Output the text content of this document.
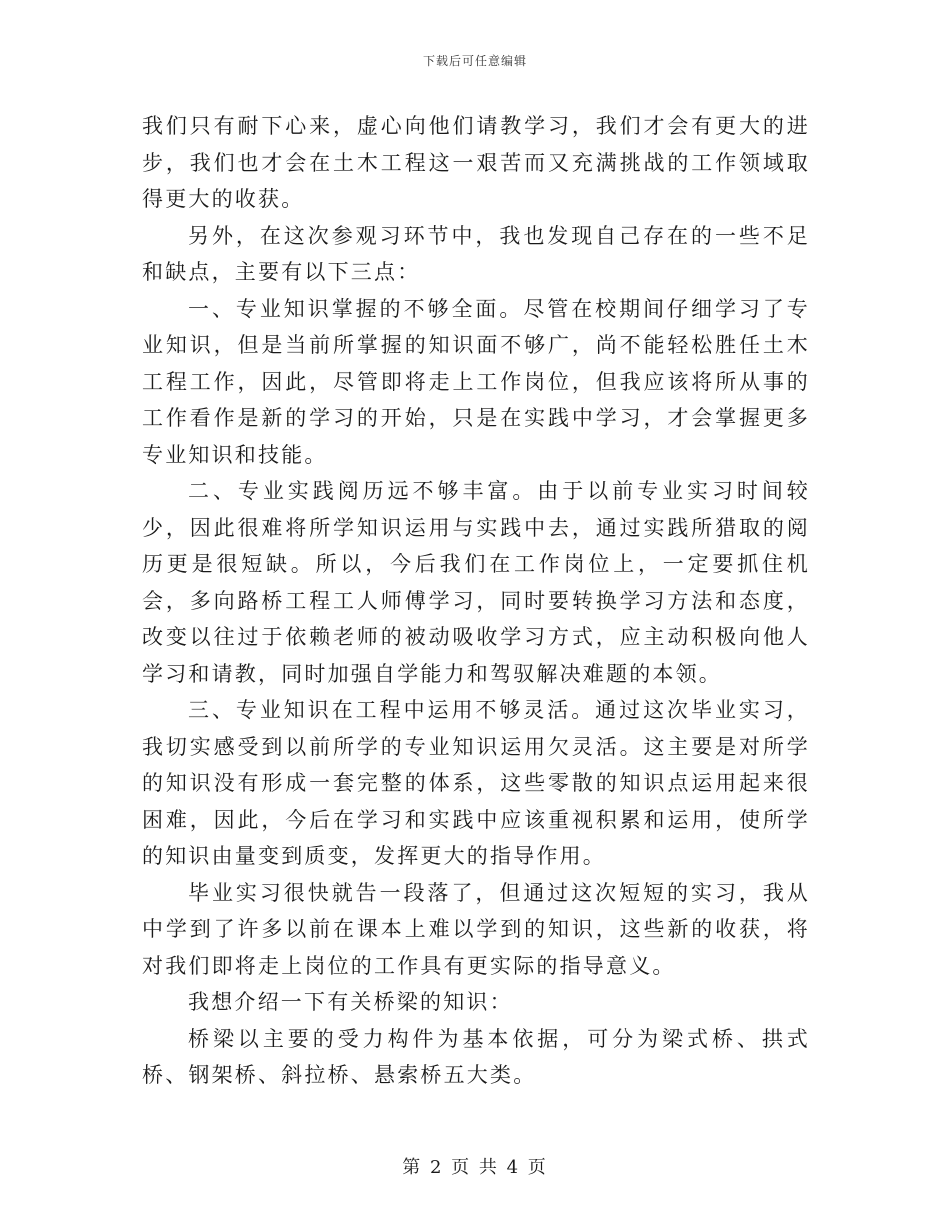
下载后可任意编辑

我们只有耐下心来，虚心向他们请教学习，我们才会有更大的进步，我们也才会在土木工程这一艰苦而又充满挑战的工作领域取得更大的收获。

另外，在这次参观习环节中，我也发现自己存在的一些不足和缺点，主要有以下三点：

一、专业知识掌握的不够全面。尽管在校期间仔细学习了专业知识，但是当前所掌握的知识面不够广，尚不能轻松胜任土木工程工作，因此，尽管即将走上工作岗位，但我应该将所从事的工作看作是新的学习的开始，只是在实践中学习，才会掌握更多专业知识和技能。

二、专业实践阅历远不够丰富。由于以前专业实习时间较少，因此很难将所学知识运用与实践中去，通过实践所猎取的阅历更是很短缺。所以，今后我们在工作岗位上，一定要抓住机会，多向路桥工程工人师傅学习，同时要转换学习方法和态度，改变以往过于依赖老师的被动吸收学习方式，应主动积极向他人学习和请教，同时加强自学能力和驾驭解决难题的本领。

三、专业知识在工程中运用不够灵活。通过这次毕业实习，我切实感受到以前所学的专业知识运用欠灵活。这主要是对所学的知识没有形成一套完整的体系，这些零散的知识点运用起来很困难，因此，今后在学习和实践中应该重视积累和运用，使所学的知识由量变到质变，发挥更大的指导作用。

毕业实习很快就告一段落了，但通过这次短短的实习，我从中学到了许多以前在课本上难以学到的知识，这些新的收获，将对我们即将走上岗位的工作具有更实际的指导意义。

我想介绍一下有关桥梁的知识：

桥梁以主要的受力构件为基本依据，可分为梁式桥、拱式桥、钢架桥、斜拉桥、悬索桥五大类。

第 2 页 共 4 页
